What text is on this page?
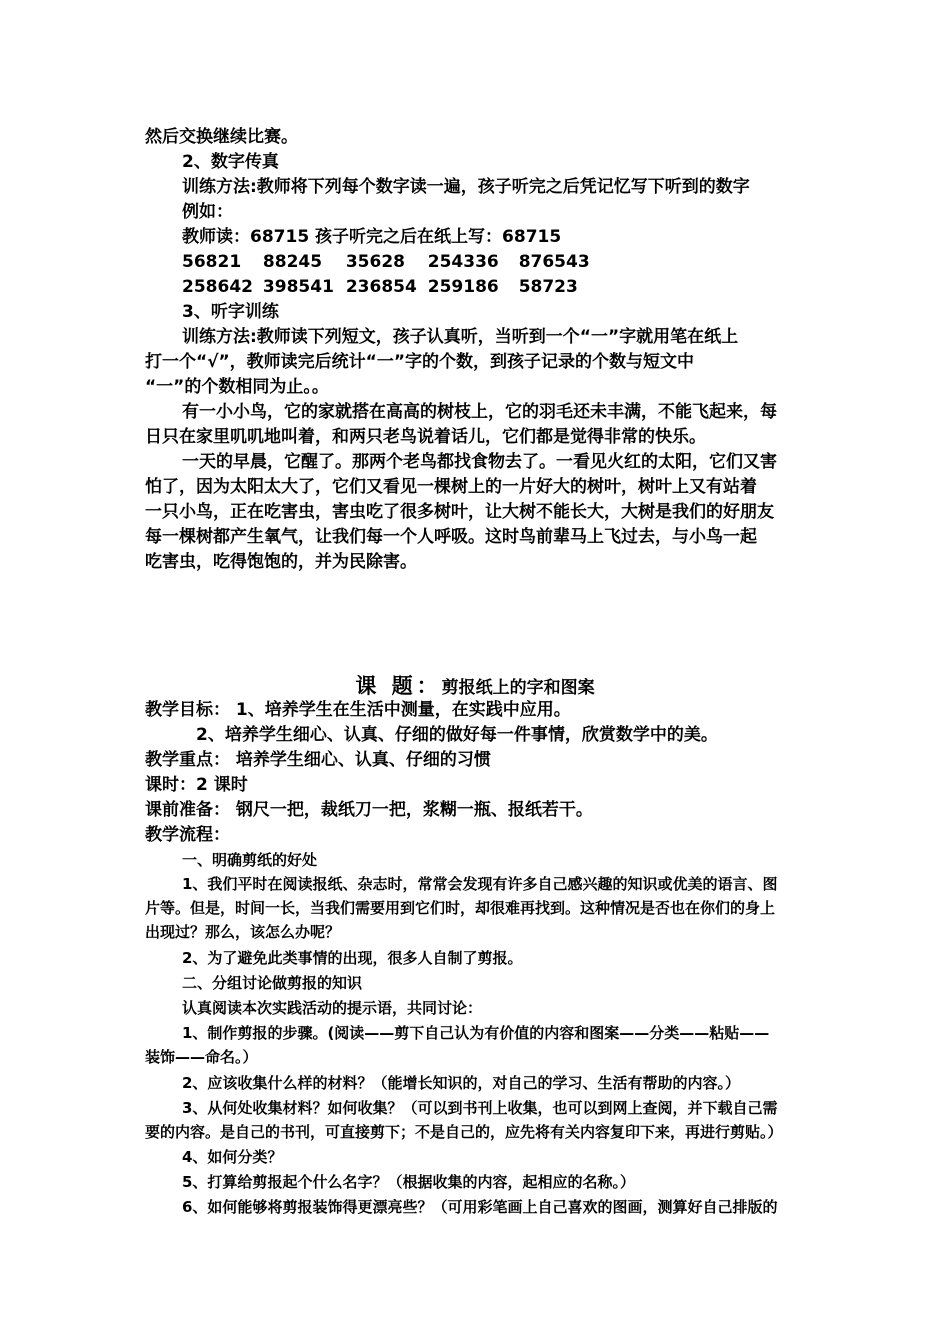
然后交换继续比赛。
2、数字传真
训练方法:教师将下列每个数字读一遍，孩子听完之后凭记忆写下听到的数字
例如：
教师读：68715 孩子听完之后在纸上写：68715
56821 88245 35628 254336 876543
258642 398541 236854 259186 58723
3、听字训练
训练方法:教师读下列短文，孩子认真听，当听到一个“一”字就用笔在纸上
打一个“√”，教师读完后统计“一”字的个数，到孩子记录的个数与短文中
“一”的个数相同为止。。
有一小小鸟，它的家就搭在高高的树枝上，它的羽毛还未丰满，不能飞起来，每
日只在家里叽叽地叫着，和两只老鸟说着话儿，它们都是觉得非常的快乐。
一天的早晨，它醒了。那两个老鸟都找食物去了。一看见火红的太阳，它们又害
怕了，因为太阳太大了，它们又看见一棵树上的一片好大的树叶，树叶上又有站着
一只小鸟，正在吃害虫，害虫吃了很多树叶，让大树不能长大，大树是我们的好朋友
每一棵树都产生氧气，让我们每一个人呼吸。这时鸟前辈马上飞过去，与小鸟一起
吃害虫，吃得饱饱的，并为民除害。
课 题：剪报纸上的字和图案
教学目标： 1、培养学生在生活中测量，在实践中应用。
2、培养学生细心、认真、仔细的做好每一件事情，欣赏数学中的美。
教学重点： 培养学生细心、认真、仔细的习惯
课时：2 课时
课前准备： 钢尺一把，裁纸刀一把，浆糊一瓶、报纸若干。
教学流程：
一、明确剪纸的好处
1、我们平时在阅读报纸、杂志时，常常会发现有许多自己感兴趣的知识或优美的语言、图
片等。但是，时间一长，当我们需要用到它们时，却很难再找到。这种情况是否也在你们的身上
出现过？那么，该怎么办呢？
2、为了避免此类事情的出现，很多人自制了剪报。
二、分组讨论做剪报的知识
认真阅读本次实践活动的提示语，共同讨论：
1、制作剪报的步骤。(阅读——剪下自己认为有价值的内容和图案——分类——粘贴——
装饰——命名。）
2、应该收集什么样的材料？（能增长知识的，对自己的学习、生活有帮助的内容。）
3、从何处收集材料？如何收集？（可以到书刊上收集，也可以到网上查阅，并下载自己需
要的内容。是自己的书刊，可直接剪下；不是自己的，应先将有关内容复印下来，再进行剪贴。）
4、如何分类？
5、打算给剪报起个什么名字？（根据收集的内容，起相应的名称。）
6、如何能够将剪报装饰得更漂亮些？（可用彩笔画上自己喜欢的图画，测算好自己排版的
